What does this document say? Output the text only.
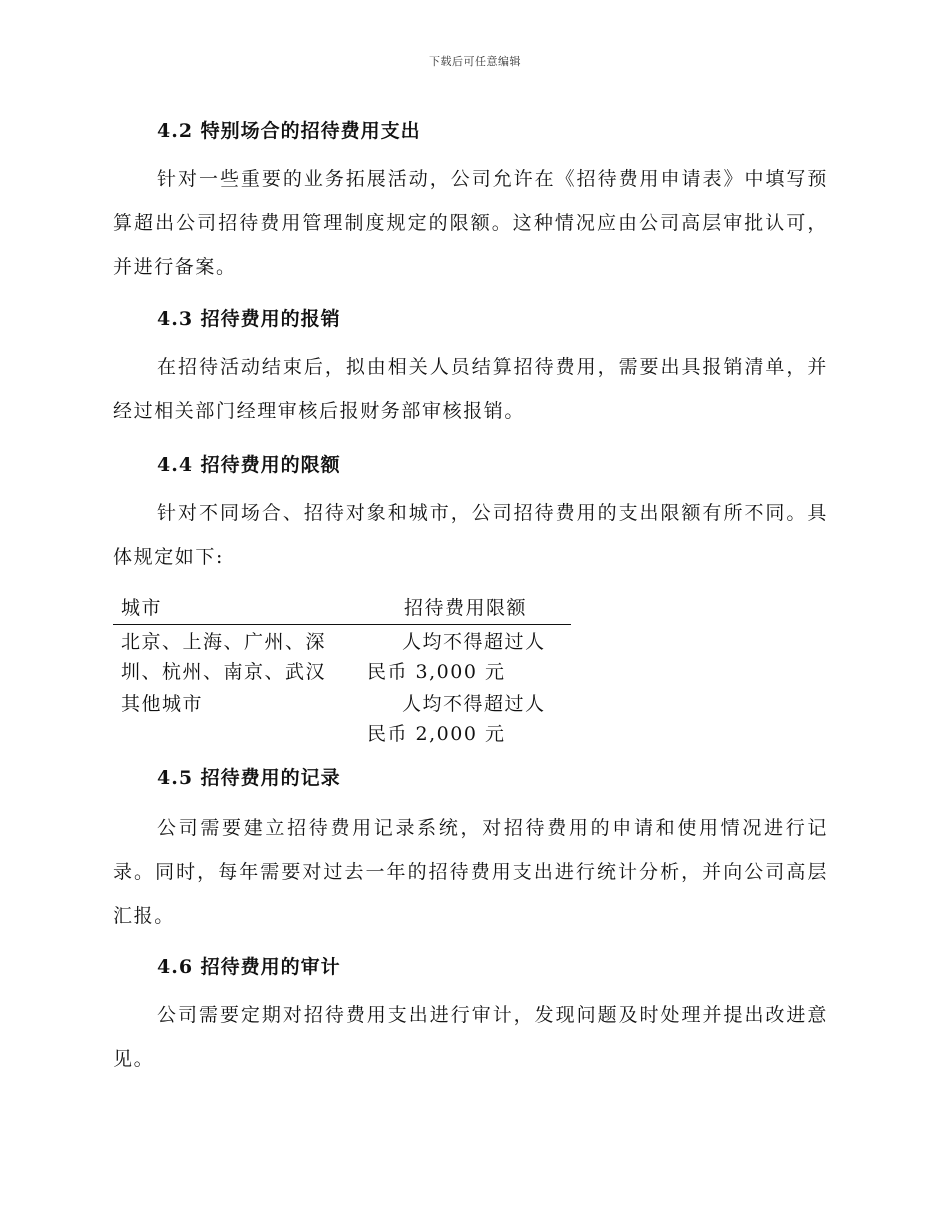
下载后可任意编辑
4.2 特别场合的招待费用支出
针对一些重要的业务拓展活动，公司允许在《招待费用申请表》中填写预算超出公司招待费用管理制度规定的限额。这种情况应由公司高层审批认可，并进行备案。
4.3 招待费用的报销
在招待活动结束后，拟由相关人员结算招待费用，需要出具报销清单，并经过相关部门经理审核后报财务部审核报销。
4.4 招待费用的限额
针对不同场合、招待对象和城市，公司招待费用的支出限额有所不同。具体规定如下:
城市	招待费用限额
北京、上海、广州、深圳、杭州、南京、武汉
人均不得超过人
民币 3,000 元
其他城市	人均不得超过人
民币 2,000 元
4.5 招待费用的记录
公司需要建立招待费用记录系统，对招待费用的申请和使用情况进行记录。同时，每年需要对过去一年的招待费用支出进行统计分析，并向公司高层汇报。
4.6 招待费用的审计
公司需要定期对招待费用支出进行审计，发现问题及时处理并提出改进意见。
